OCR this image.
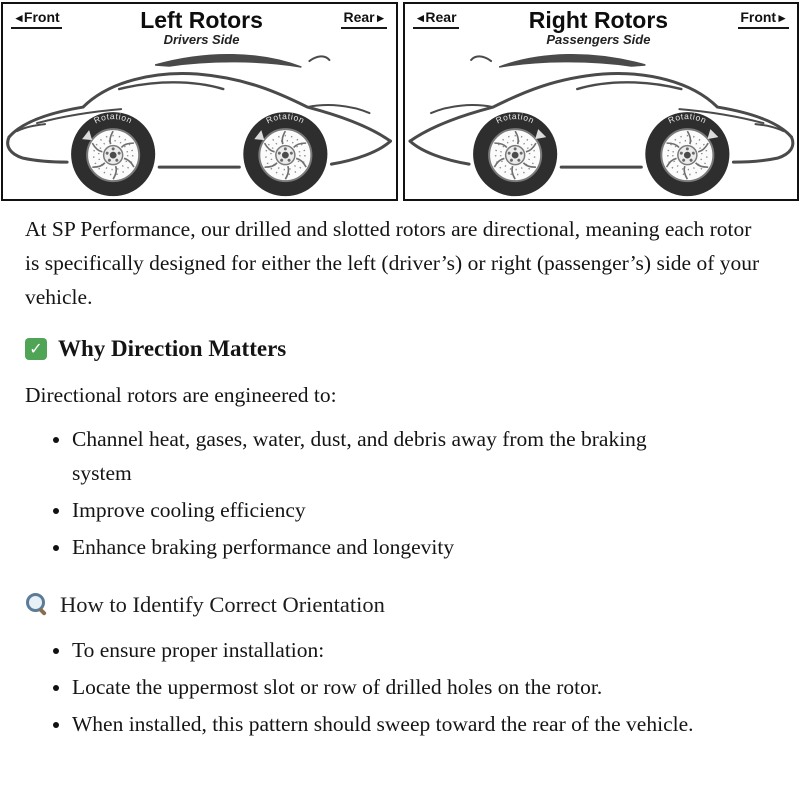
◄Front	Left Rotors
Drivers Side
Rear►
Rotation	Rotation
◄Rear	Right Rotors
Passengers Side
Front►
Rotation	Rotation

At SP Performance, our drilled and slotted rotors are directional, meaning each rotor is specifically designed for either the left (driver’s) or right (passenger’s) side of your vehicle.

✓
Why Direction Matters

Directional rotors are engineered to:

• Channel heat, gases, water, dust, and debris away from the braking system
• Improve cooling efficiency
• Enhance braking performance and longevity
How to Identify Correct Orientation
• To ensure proper installation:
• Locate the uppermost slot or row of drilled holes on the rotor.
• When installed, this pattern should sweep toward the rear of the vehicle.
